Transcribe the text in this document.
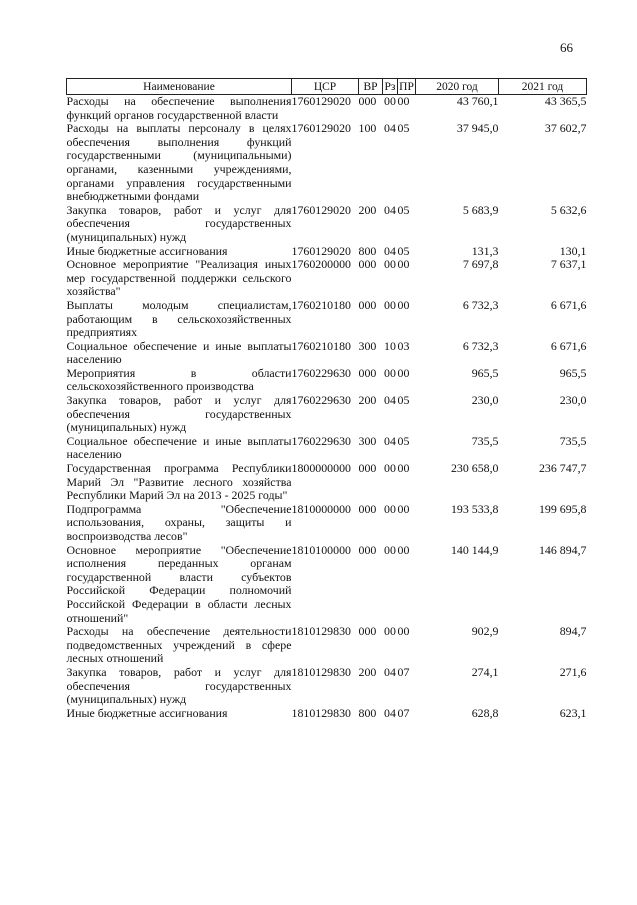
66
Наименование	ЦСР	ВР	Рз	ПР	2020 год	2021 год
Расходы на обеспечение выполнения функций органов государственной власти	1760129020	000	00	00	43 760,1	43 365,5
Расходы на выплаты персоналу в целях обеспечения выполнения функций государственными (муниципальными) органами, казенными учреждениями, органами управления государственными внебюджетными фондами	1760129020	100	04	05	37 945,0	37 602,7
Закупка товаров, работ и услуг для обеспечения государственных (муниципальных) нужд	1760129020	200	04	05	5 683,9	5 632,6
Иные бюджетные ассигнования	1760129020	800	04	05	131,3	130,1
Основное мероприятие "Реализация иных мер государственной поддержки сельского хозяйства"	1760200000	000	00	00	7 697,8	7 637,1
Выплаты молодым специалистам, работающим в сельскохозяйственных предприятиях	1760210180	000	00	00	6 732,3	6 671,6
Социальное обеспечение и иные выплаты населению	1760210180	300	10	03	6 732,3	6 671,6
Мероприятия в области сельскохозяйственного производства	1760229630	000	00	00	965,5	965,5
Закупка товаров, работ и услуг для обеспечения государственных (муниципальных) нужд	1760229630	200	04	05	230,0	230,0
Социальное обеспечение и иные выплаты населению	1760229630	300	04	05	735,5	735,5
Государственная программа Республики Марий Эл "Развитие лесного хозяйства Республики Марий Эл на 2013 - 2025 годы"	1800000000	000	00	00	230 658,0	236 747,7
Подпрограмма "Обеспечение использования, охраны, защиты и воспроизводства лесов"	1810000000	000	00	00	193 533,8	199 695,8
Основное мероприятие "Обеспечение исполнения переданных органам государственной власти субъектов Российской Федерации полномочий Российской Федерации в области лесных отношений"	1810100000	000	00	00	140 144,9	146 894,7
Расходы на обеспечение деятельности подведомственных учреждений в сфере лесных отношений	1810129830	000	00	00	902,9	894,7
Закупка товаров, работ и услуг для обеспечения государственных (муниципальных) нужд	1810129830	200	04	07	274,1	271,6
Иные бюджетные ассигнования	1810129830	800	04	07	628,8	623,1
